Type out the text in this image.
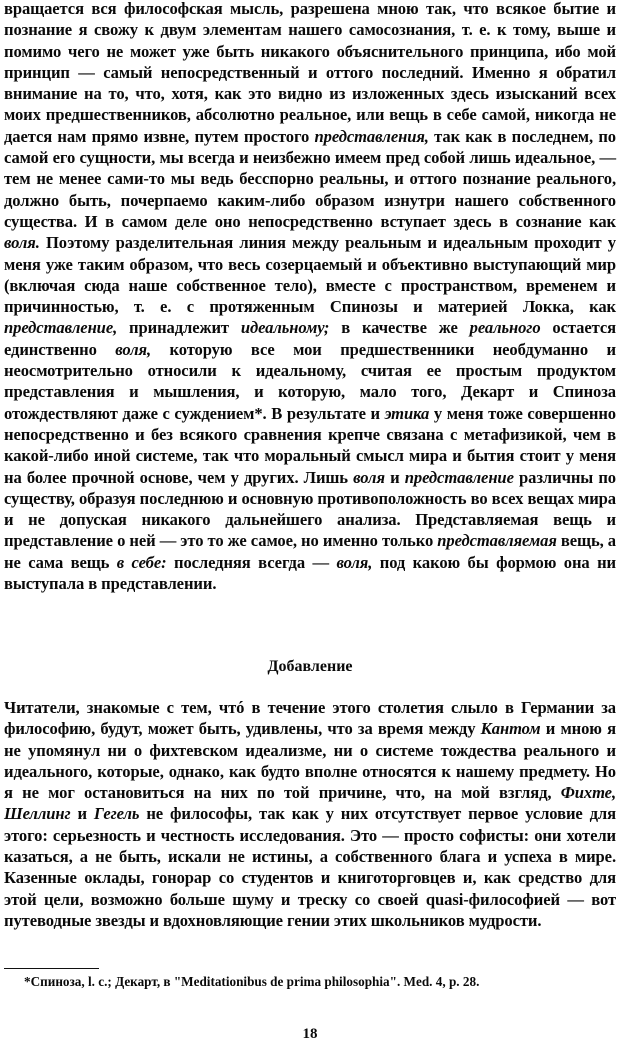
вращается вся философская мысль, разрешена мною так, что всякое бытие и познание я свожу к двум элементам нашего самосознания, т. е. к тому, выше и помимо чего не может уже быть никакого объяснительного принципа, ибо мой принцип — самый непосредственный и оттого последний. Именно я обратил внимание на то, что, хотя, как это видно из изложенных здесь изысканий всех моих предшественников, абсолютно реальное, или вещь в себе самой, никогда не дается нам прямо извне, путем простого представления, так как в последнем, по самой его сущности, мы всегда и неизбежно имеем пред собой лишь идеальное, — тем не менее сами-то мы ведь бесспорно реальны, и оттого познание реального, должно быть, почерпаемо каким-либо образом изнутри нашего собственного существа. И в самом деле оно непосредственно вступает здесь в сознание как воля. Поэтому разделительная линия между реальным и идеальным проходит у меня уже таким образом, что весь созерцаемый и объективно выступающий мир (включая сюда наше собственное тело), вместе с пространством, временем и причинностью, т. е. с протяженным Спинозы и материей Локка, как представление, принадлежит идеальному; в качестве же реального остается единственно воля, которую все мои предшественники необдуманно и неосмотрительно относили к идеальному, считая ее простым продуктом представления и мышления, и которую, мало того, Декарт и Спиноза отождествляют даже с суждением*. В результате и этика у меня тоже совершенно непосредственно и без всякого сравнения крепче связана с метафизикой, чем в какой-либо иной системе, так что моральный смысл мира и бытия стоит у меня на более прочной основе, чем у других. Лишь воля и представление различны по существу, образуя последнюю и основную противоположность во всех вещах мира и не допуская никакого дальнейшего анализа. Представляемая вещь и представление о ней — это то же самое, но именно только представляемая вещь, а не сама вещь в себе: последняя всегда — воля, под какою бы формою она ни выступала в представлении.

Добавление

Читатели, знакомые с тем, чтó в течение этого столетия слыло в Германии за философию, будут, может быть, удивлены, что за время между Кантом и мною я не упомянул ни о фихтевском идеализме, ни о системе тождества реального и идеального, которые, однако, как будто вполне относятся к нашему предмету. Но я не мог остановиться на них по той причине, что, на мой взгляд, Фихте, Шеллинг и Гегель не философы, так как у них отсутствует первое условие для этого: серьезность и честность исследования. Это — просто софисты: они хотели казаться, а не быть, искали не истины, а собственного блага и успеха в мире. Казенные оклады, гонорар со студентов и книготорговцев и, как средство для этой цели, возможно больше шуму и треску со своей quasi-философией — вот путеводные звезды и вдохновляющие гении этих школьников мудрости.

*Спиноза, l. c.; Декарт, в "Meditationibus de prima philosophia". Med. 4, p. 28.

18
